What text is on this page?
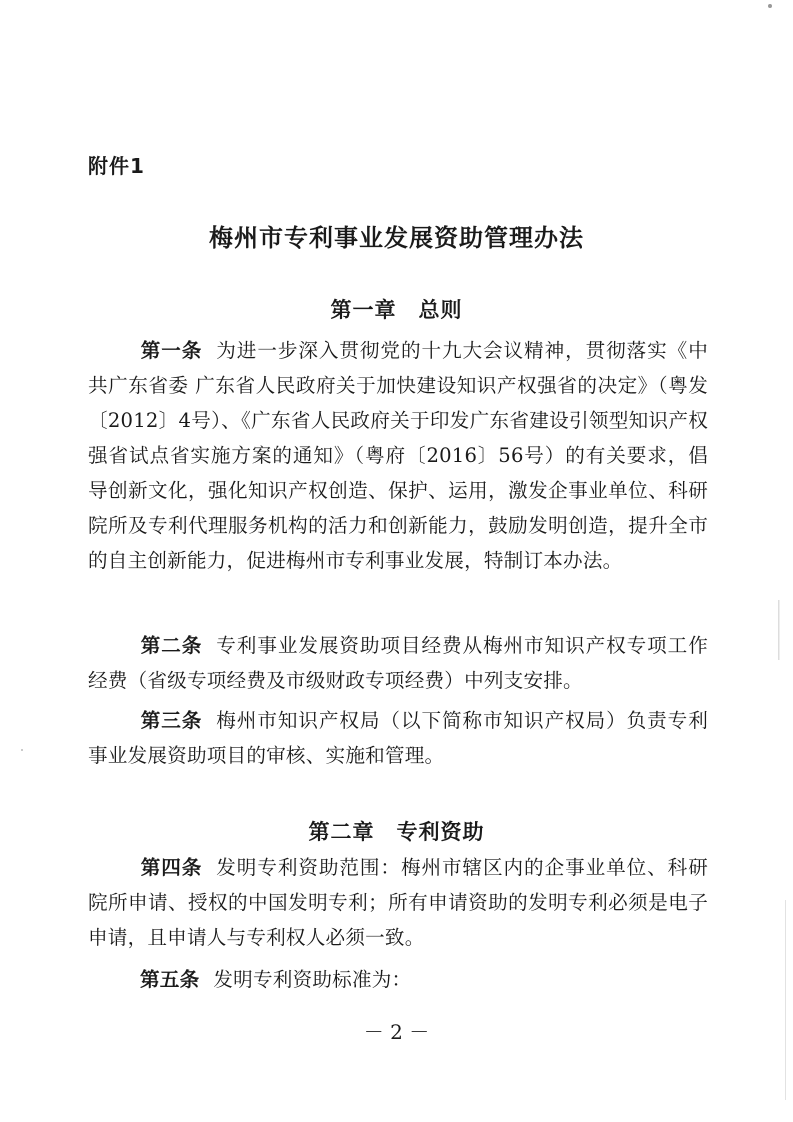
附件1
梅州市专利事业发展资助管理办法
第一章　总则
第一条 为进一步深入贯彻党的十九大会议精神，贯彻落实《中共广东省委 广东省人民政府关于加快建设知识产权强省的决定》（粤发〔2012〕4号）、《广东省人民政府关于印发广东省建设引领型知识产权强省试点省实施方案的通知》（粤府〔2016〕56号）的有关要求，倡导创新文化，强化知识产权创造、保护、运用，激发企事业单位、科研院所及专利代理服务机构的活力和创新能力，鼓励发明创造，提升全市的自主创新能力，促进梅州市专利事业发展，特制订本办法。
第二条 专利事业发展资助项目经费从梅州市知识产权专项工作经费（省级专项经费及市级财政专项经费）中列支安排。
第三条 梅州市知识产权局（以下简称市知识产权局）负责专利事业发展资助项目的审核、实施和管理。
第二章　专利资助
第四条 发明专利资助范围：梅州市辖区内的企事业单位、科研院所申请、授权的中国发明专利；所有申请资助的发明专利必须是电子申请，且申请人与专利权人必须一致。
第五条 发明专利资助标准为：
－ 2 －
